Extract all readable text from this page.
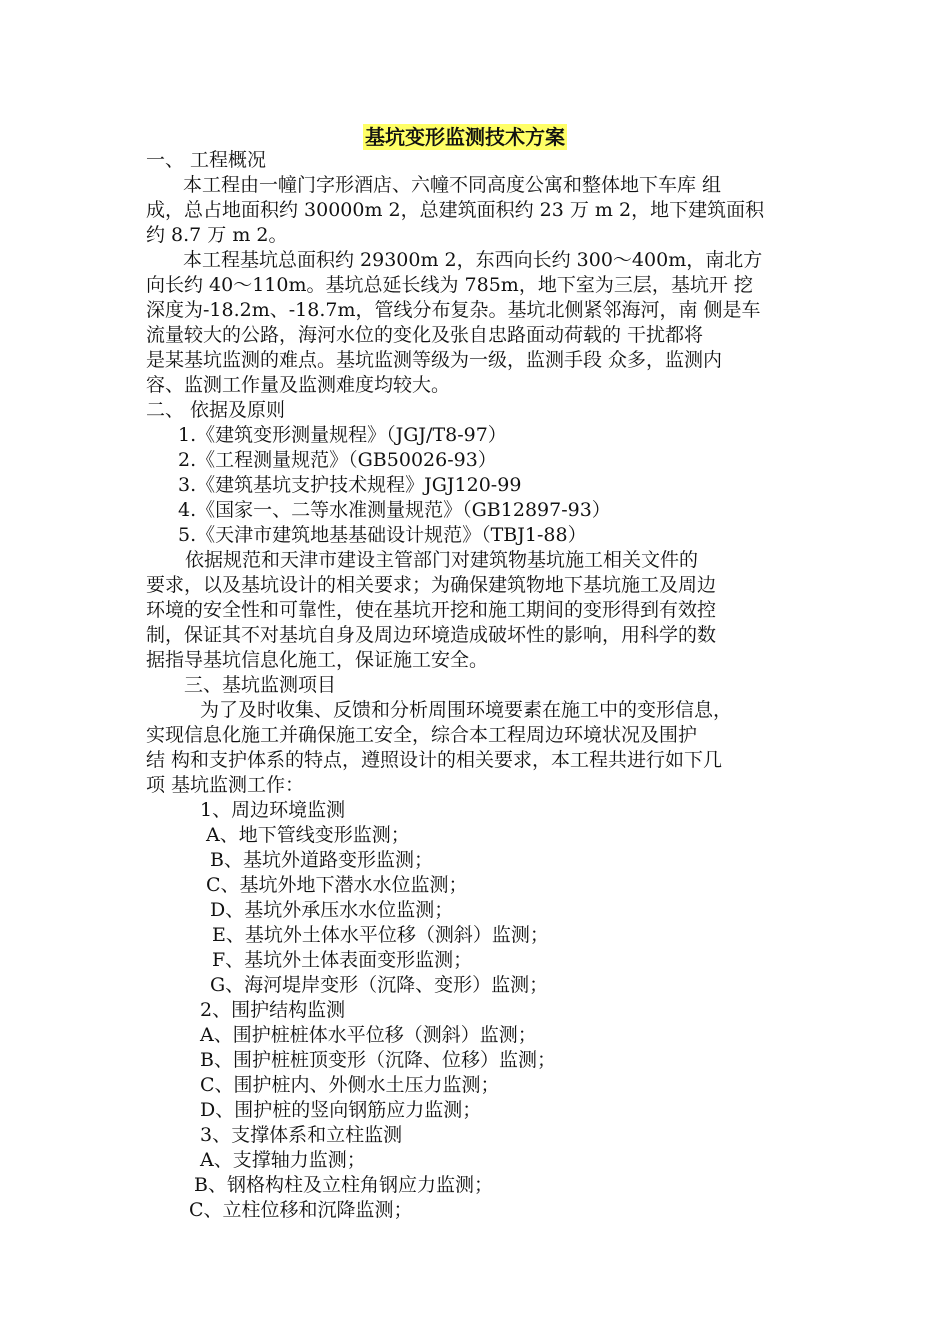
基坑变形监测技术方案
一、 工程概况
本工程由一幢门字形酒店、六幢不同高度公寓和整体地下车库 组
成，总占地面积约 30000m 2，总建筑面积约 23 万 m 2，地下建筑面积
约 8.7 万 m 2。
本工程基坑总面积约 29300m 2，东西向长约 300～400m，南北方
向长约 40～110m。基坑总延长线为 785m，地下室为三层，基坑开 挖
深度为-18.2m、-18.7m，管线分布复杂。基坑北侧紧邻海河，南 侧是车
流量较大的公路，海河水位的变化及张自忠路面动荷载的 干扰都将
是某基坑监测的难点。基坑监测等级为一级，监测手段 众多，监测内
容、监测工作量及监测难度均较大。
二、 依据及原则
1.《建筑变形测量规程》（JGJ/T8-97）
2.《工程测量规范》（GB50026-93）
3.《建筑基坑支护技术规程》JGJ120-99
4.《国家一、二等水准测量规范》（GB12897-93）
5.《天津市建筑地基基础设计规范》（TBJ1-88）
依据规范和天津市建设主管部门对建筑物基坑施工相关文件的
要求，以及基坑设计的相关要求；为确保建筑物地下基坑施工及周边
环境的安全性和可靠性，使在基坑开挖和施工期间的变形得到有效控
制，保证其不对基坑自身及周边环境造成破坏性的影响，用科学的数
据指导基坑信息化施工，保证施工安全。
三、基坑监测项目
为了及时收集、反馈和分析周围环境要素在施工中的变形信息，
实现信息化施工并确保施工安全，综合本工程周边环境状况及围护
结 构和支护体系的特点，遵照设计的相关要求，本工程共进行如下几
项 基坑监测工作：
1、周边环境监测
A、地下管线变形监测；
B、基坑外道路变形监测；
C、基坑外地下潜水水位监测；
D、基坑外承压水水位监测；
E、基坑外土体水平位移（测斜）监测；
F、基坑外土体表面变形监测；
G、海河堤岸变形（沉降、变形）监测；
2、围护结构监测
A、围护桩桩体水平位移（测斜）监测；
B、围护桩桩顶变形（沉降、位移）监测；
C、围护桩内、外侧水土压力监测；
D、围护桩的竖向钢筋应力监测；
3、支撑体系和立柱监测
A、支撑轴力监测；
B、钢格构柱及立柱角钢应力监测；
C、立柱位移和沉降监测；
